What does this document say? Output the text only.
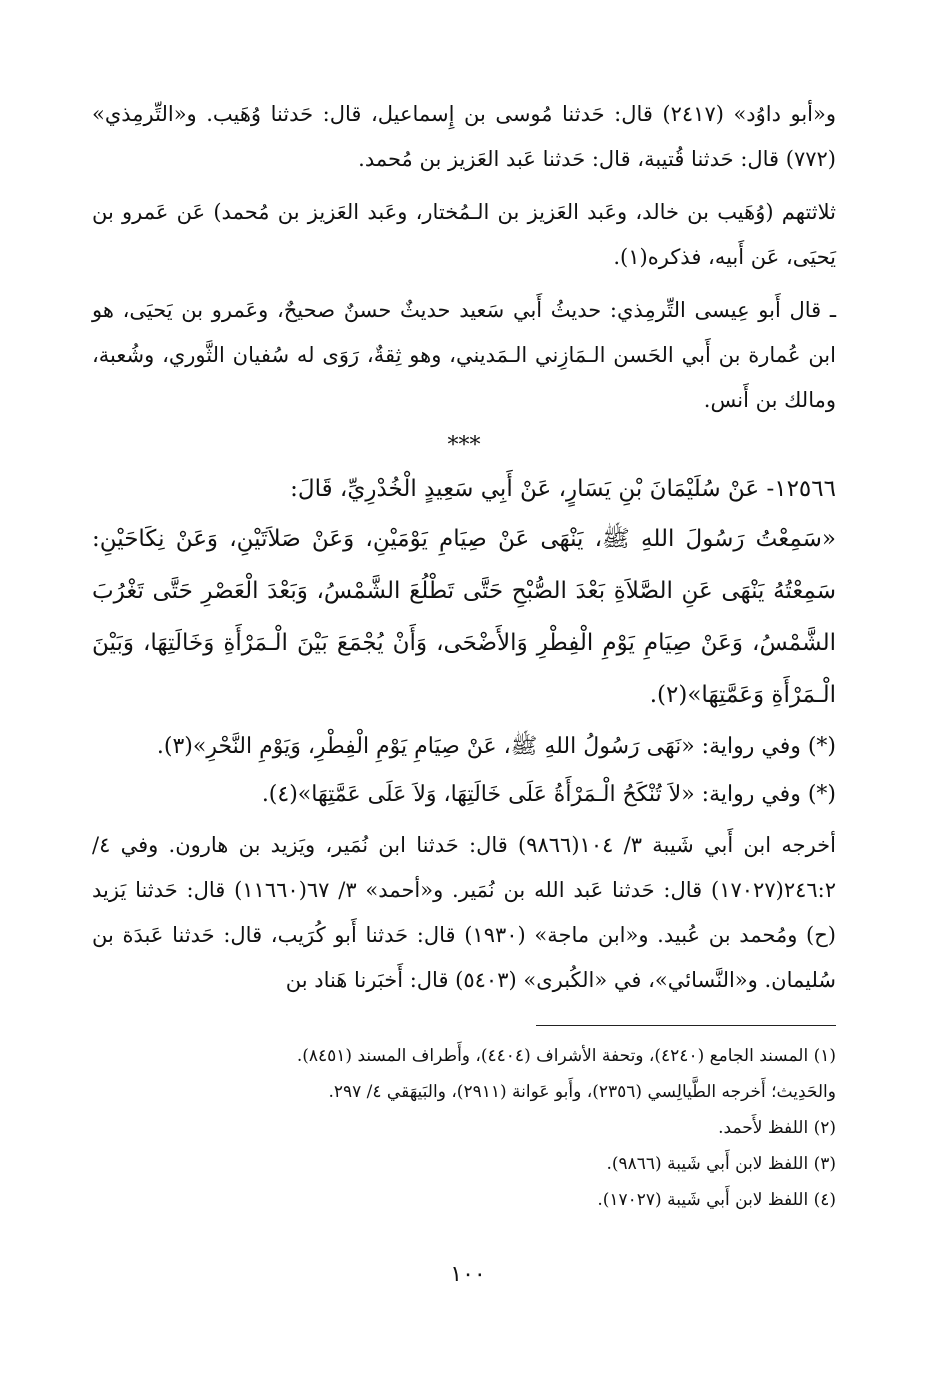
و«أبو داوُد» (٢٤١٧) قال: حَدثنا مُوسى بن إِسماعيل، قال: حَدثنا وُهَيب. و«التِّرمِذي» (٧٧٢) قال: حَدثنا قُتيبة، قال: حَدثنا عَبد العَزيز بن مُحمد.

ثلاثتهم (وُهَيب بن خالد، وعَبد العَزيز بن الـمُختار، وعَبد العَزيز بن مُحمد) عَن عَمرو بن يَحيَى، عَن أَبيه، فذكره(١).

ـ قال أَبو عِيسى التِّرمِذي: حديثُ أَبي سَعيد حديثٌ حسنٌ صحيحٌ، وعَمرو بن يَحيَى، هو ابن عُمارة بن أَبي الحَسن الـمَازِني الـمَديني، وهو ثِقةٌ، رَوَى له سُفيان الثَّوري، وشُعبة، ومالك بن أَنس.

***

١٢٥٦٦- عَنْ سُلَيْمَانَ بْنِ يَسَارٍ، عَنْ أَبِي سَعِيدٍ الْخُدْرِيِّ، قَالَ:

«سَمِعْتُ رَسُولَ اللهِ ﷺ، يَنْهَى عَنْ صِيَامِ يَوْمَيْنِ، وَعَنْ صَلاَتَيْنِ، وَعَنْ نِكَاحَيْنِ: سَمِعْتُهُ يَنْهَى عَنِ الصَّلاَةِ بَعْدَ الصُّبْحِ حَتَّى تَطْلُعَ الشَّمْسُ، وَبَعْدَ الْعَصْرِ حَتَّى تَغْرُبَ الشَّمْسُ، وَعَنْ صِيَامِ يَوْمِ الْفِطْرِ وَالأَضْحَى، وَأَنْ يُجْمَعَ بَيْنَ الْـمَرْأَةِ وَخَالَتِهَا، وَبَيْنَ الْـمَرْأَةِ وَعَمَّتِهَا»(٢).

(*) وفي رواية: «نَهَى رَسُولُ اللهِ ﷺ، عَنْ صِيَامِ يَوْمِ الْفِطْرِ، وَيَوْمِ النَّحْرِ»(٣).

(*) وفي رواية: «لاَ تُنْكَحُ الْـمَرْأَةُ عَلَى خَالَتِهَا، وَلاَ عَلَى عَمَّتِهَا»(٤).

أخرجه ابن أَبي شَيبة ٣/ ١٠٤(٩٨٦٦) قال: حَدثنا ابن نُمَير، ويَزيد بن هارون. وفي ٤/ ٢٤٦:٢(١٧٠٢٧) قال: حَدثنا عَبد الله بن نُمَير. و«أحمد» ٣/ ٦٧(١١٦٦٠) قال: حَدثنا يَزيد (ح) ومُحمد بن عُبيد. و«ابن ماجة» (١٩٣٠) قال: حَدثنا أَبو كُرَيب، قال: حَدثنا عَبدَة بن سُليمان. و«النَّسائي»، في «الكُبرى» (٥٤٠٣) قال: أَخبَرنا هَناد بن

(١) المسند الجامع (٤٢٤٠)، وتحفة الأشراف (٤٤٠٤)، وأَطراف المسند (٨٤٥١).

والحَدِيث؛ أَخرجه الطَّيالِسي (٢٣٥٦)، وأَبو عَوانة (٢٩١١)، والبَيهَقي ٤/ ٢٩٧.

(٢) اللفظ لأَحمد.

(٣) اللفظ لابن أَبي شَيبة (٩٨٦٦).

(٤) اللفظ لابن أَبي شَيبة (١٧٠٢٧).

١٠٠
